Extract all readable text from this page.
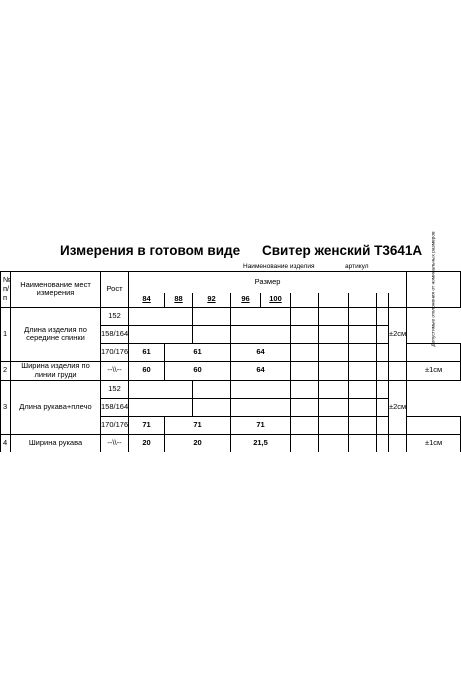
Измерения в готовом виде Свитер женский Т3641А
Наименование изделия	артикул
№ п/п	Наименование мест измерения	Рост	Размер										Допустимые отклонения от номинальных размеров

			84	88	92	96	100						
1	Длина изделия по середине спинки	152										±2см	
		158/164											
		170/176	61	61		64							
2	Ширина изделия по линии груди	--\\--	60	60		64							±1см
3	Длина рукава+плечо	152										±2см	
		158/164											
		170/176	71	71		71							
4	Ширина рукава	--\\--	20	20		21,5							±1см
